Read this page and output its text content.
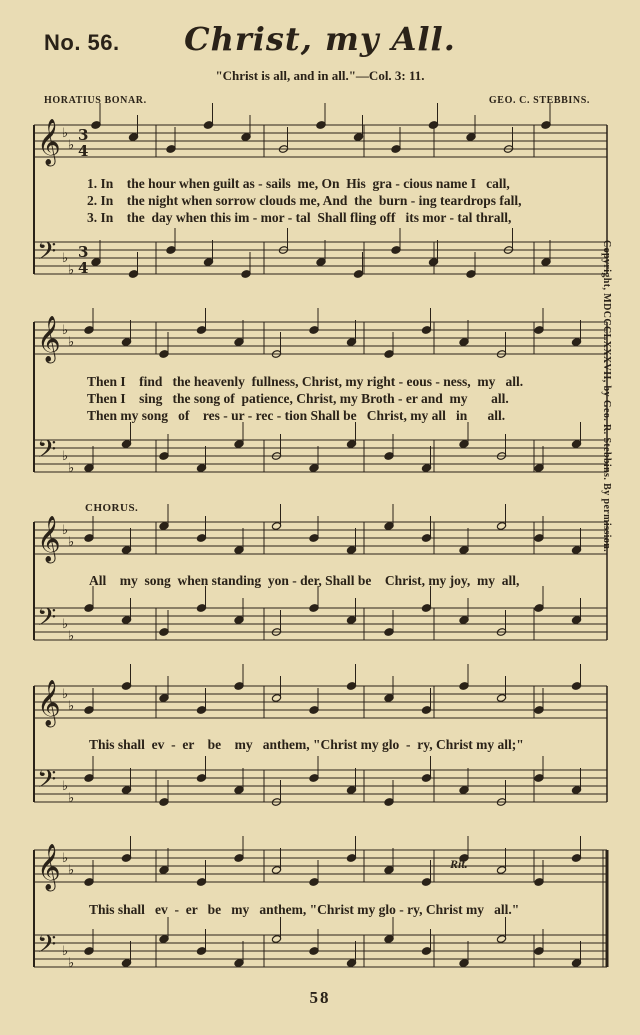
No. 56.	Christ, my All.
"Christ is all, and in all."—Col. 3: 11.
HORATIUS BONAR.	GEO. C. STEBBINS.
𝄞 ♭
♭
3
4
𝄢 ♭
♭
3
4
𝄞 ♭
♭
𝄢 ♭
♭
𝄞 ♭
♭
𝄢 ♭
♭
𝄞 ♭
♭
𝄢 ♭
♭
𝄞 ♭
♭
𝄢 ♭
♭
1. In    the hour when guilt as - sails  me, On  His  gra - cious name I   call,
2. In    the night when sorrow clouds me, And  the  burn - ing teardrops fall,
3. In    the  day when this im - mor - tal  Shall fling off   its mor - tal thrall,
Then I    find   the heavenly  fullness, Christ, my right - eous - ness,  my   all.
Then I    sing   the song of  patience, Christ, my Broth - er and  my       all.
Then my song   of    res - ur - rec - tion Shall be   Christ, my all   in      all.
CHORUS.
All    my  song  when standing  yon - der, Shall be    Christ, my joy,  my  all,
This shall  ev  -  er    be    my   anthem, "Christ my glo  -  ry, Christ my all;"
Rit.
This shall   ev  -  er   be   my   anthem, "Christ my glo - ry, Christ my   all."
Copyright, MDCCCLXXXVII, by Geo. R. Stebbins. By permission.
58
